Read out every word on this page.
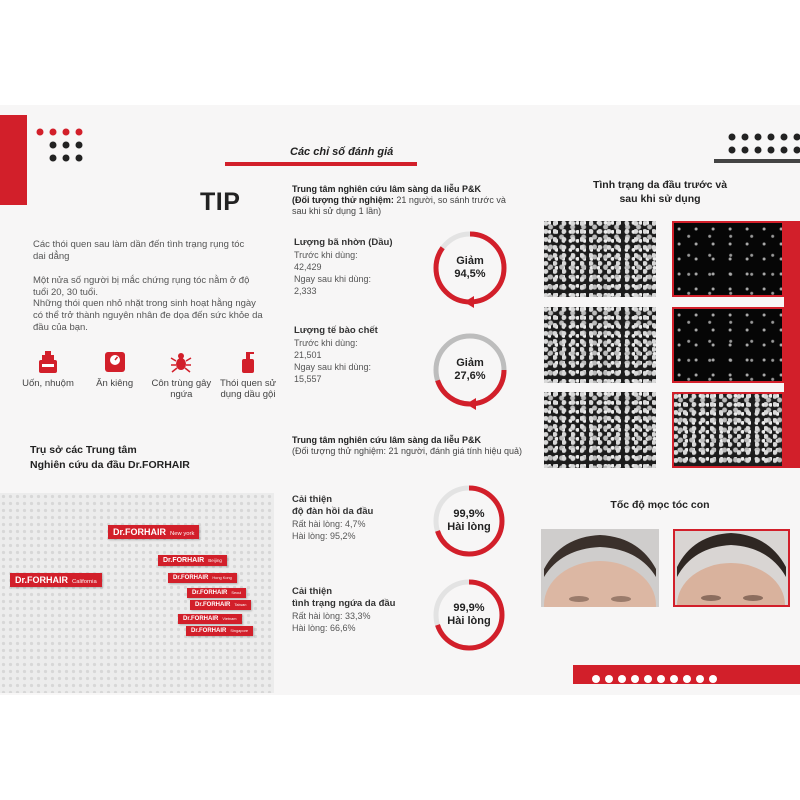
TIP
Các thói quen sau làm dần đến tình trạng rụng tóc dai dẳng
Một nửa số người bị mắc chứng rụng tóc nằm ở độ tuổi 20, 30 tuổi.
Những thói quen nhỏ nhặt trong sinh hoạt hằng ngày có thể trở thành nguyên nhân đe dọa đến sức khỏe da đầu của bạn.
Uốn, nhuộm	Ăn kiêng	Côn trùng gây ngứa
Thói quen sử dụng dầu gội
Trụ sở các Trung tâm
Nghiên cứu da đầu Dr.FORHAIR
Dr.FORHAIR New york
Dr.FORHAIR Beijing
Dr.FORHAIR California
Dr.FORHAIR Hong Kong
Dr.FORHAIR Seoul
Dr.FORHAIR Taiwan
Dr.FORHAIR Vietnam
Dr.FORHAIR Singapore
Các chỉ số đánh giá
Trung tâm nghiên cứu lâm sàng da liễu P&K
(Đối tượng thử nghiệm: 21 người, so sánh trước và sau khi sử dụng 1 lần)
Lượng bã nhờn (Dầu)
Trước khi dùng:
42,429
Ngay sau khi dùng:
2,333
Giảm
94,5%
Lượng tế bào chết
Trước khi dùng:
21,501
Ngay sau khi dùng:
15,557
Giảm
27,6%
Trung tâm nghiên cứu lâm sàng da liễu P&K
(Đối tượng thử nghiệm: 21 người, đánh giá tính hiệu quả)
Cải thiện
độ đàn hồi da đầu
Rất hài lòng: 4,7%
Hài lòng: 95,2%
99,9%
Hài lòng
Cải thiện
tình trạng ngứa da đầu
Rất hài lòng: 33,3%
Hài lòng: 66,6%
99,9%
Hài lòng
Tình trạng da đầu trước và
sau khi sử dụng
Tốc độ mọc tóc con
